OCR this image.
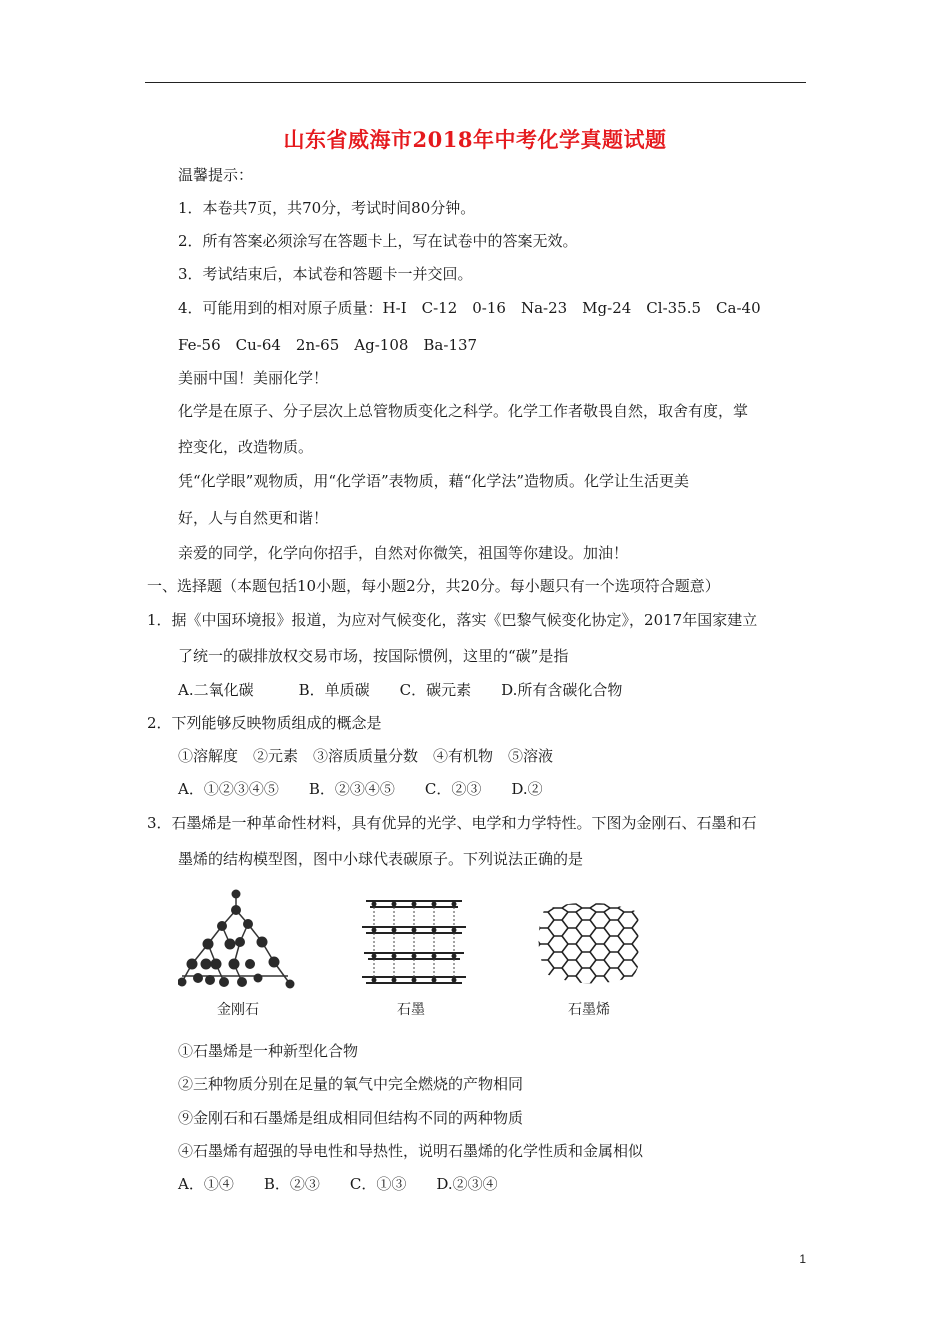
山东省威海市2018年中考化学真题试题
温馨提示：
1．本卷共7页，共70分，考试时间80分钟。
2．所有答案必须涂写在答题卡上，写在试卷中的答案无效。
3．考试结束后，本试卷和答题卡一并交回。
4．可能用到的相对原子质量：H-I　C-12　0-16　Na-23　Mg-24　Cl-35.5　Ca-40
Fe-56　Cu-64　2n-65　Ag-108　Ba-137
美丽中国！美丽化学！
化学是在原子、分子层次上总管物质变化之科学。化学工作者敬畏自然，取舍有度，掌
控变化，改造物质。
凭“化学眼”观物质，用“化学语”表物质，藉“化学法”造物质。化学让生活更美
好，人与自然更和谐！
亲爱的同学，化学向你招手，自然对你微笑，祖国等你建设。加油！
一、选择题（本题包括10小题，每小题2分，共20分。每小题只有一个选项符合题意）
1．据《中国环境报》报道，为应对气候变化，落实《巴黎气候变化协定》，2017年国家建立
了统一的碳排放权交易市场，按国际惯例，这里的“碳”是指
A.二氧化碳　　　B．单质碳　　C．碳元素　　D.所有含碳化合物
2．下列能够反映物质组成的概念是
①溶解度　②元素　③溶质质量分数　④有机物　⑤溶液
A．①②③④⑤　　B．②③④⑤　　C．②③　　D.②
3．石墨烯是一种革命性材料，具有优异的光学、电学和力学特性。下图为金刚石、石墨和石
墨烯的结构模型图，图中小球代表碳原子。下列说法正确的是
金刚石	石墨	石墨烯
①石墨烯是一种新型化合物
②三种物质分别在足量的氧气中完全燃烧的产物相同
⑨金刚石和石墨烯是组成相同但结构不同的两种物质
④石墨烯有超强的导电性和导热性，说明石墨烯的化学性质和金属相似
A．①④　　B．②③　　C．①③　　D.②③④
1
